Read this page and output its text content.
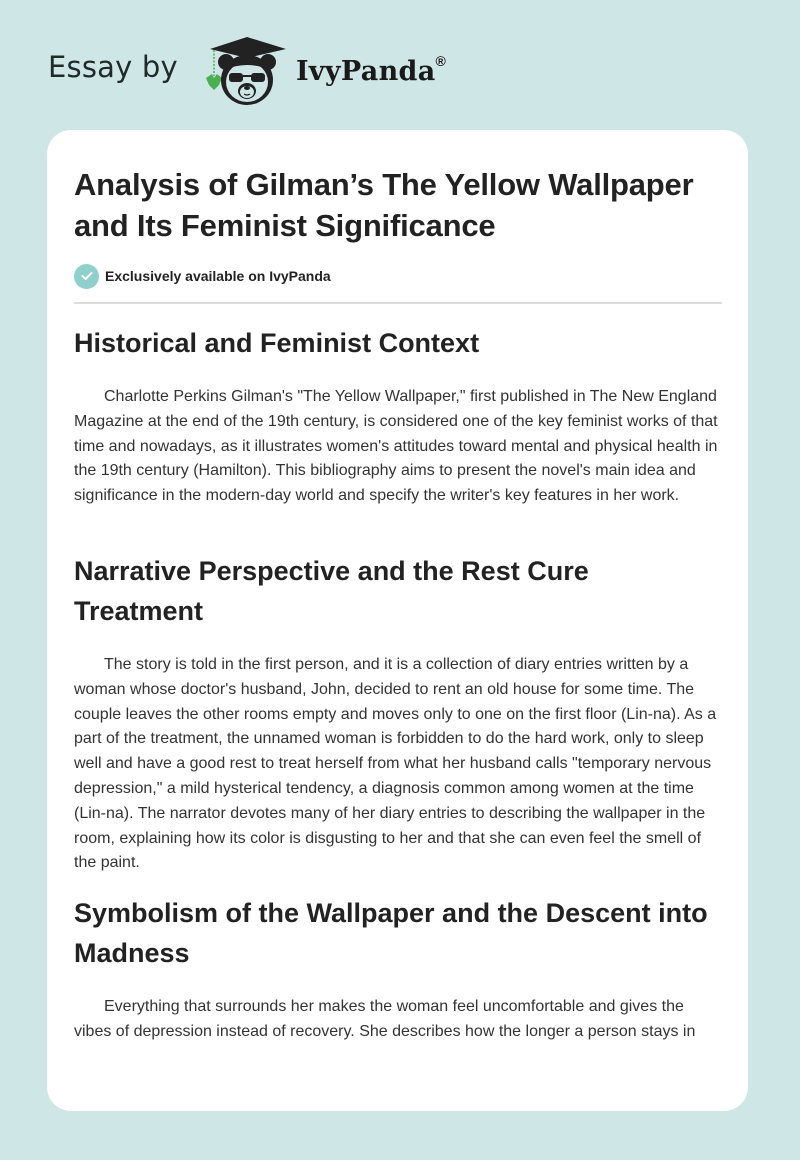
Essay by	IvyPanda®
Analysis of Gilman’s The Yellow Wallpaper and Its Feminist Significance
Exclusively available on IvyPanda
Historical and Feminist Context

Charlotte Perkins Gilman's "The Yellow Wallpaper," first published in The New England Magazine at the end of the 19th century, is considered one of the key feminist works of that time and nowadays, as it illustrates women's attitudes toward mental and physical health in the 19th century (Hamilton). This bibliography aims to present the novel's main idea and significance in the modern-day world and specify the writer's key features in her work.

Narrative Perspective and the Rest Cure Treatment

The story is told in the first person, and it is a collection of diary entries written by a woman whose doctor's husband, John, decided to rent an old house for some time. The couple leaves the other rooms empty and moves only to one on the first floor (Lin-na). As a part of the treatment, the unnamed woman is forbidden to do the hard work, only to sleep well and have a good rest to treat herself from what her husband calls "temporary nervous depression," a mild hysterical tendency, a diagnosis common among women at the time (Lin-na). The narrator devotes many of her diary entries to describing the wallpaper in the room, explaining how its color is disgusting to her and that she can even feel the smell of the paint.

Symbolism of the Wallpaper and the Descent into Madness

Everything that surrounds her makes the woman feel uncomfortable and gives the vibes of depression instead of recovery. She describes how the longer a person stays in
